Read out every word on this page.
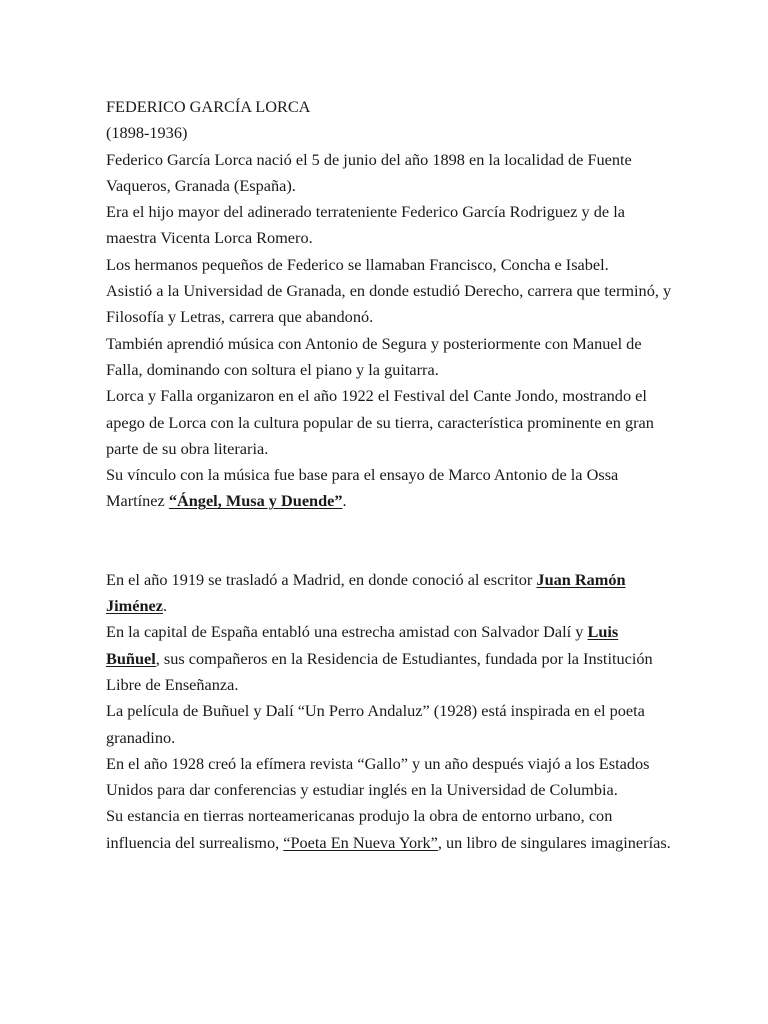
FEDERICO GARCÍA LORCA

(1898-1936)

Federico García Lorca nació el 5 de junio del año 1898 en la localidad de Fuente Vaqueros, Granada (España).

Era el hijo mayor del adinerado terrateniente Federico García Rodriguez y de la maestra Vicenta Lorca Romero.

Los hermanos pequeños de Federico se llamaban Francisco, Concha e Isabel.

Asistió a la Universidad de Granada, en donde estudió Derecho, carrera que terminó, y Filosofía y Letras, carrera que abandonó.

También aprendió música con Antonio de Segura y posteriormente con Manuel de Falla, dominando con soltura el piano y la guitarra.

Lorca y Falla organizaron en el año 1922 el Festival del Cante Jondo, mostrando el apego de Lorca con la cultura popular de su tierra, característica prominente en gran parte de su obra literaria.

Su vínculo con la música fue base para el ensayo de Marco Antonio de la Ossa Martínez “Ángel, Musa y Duende”.

En el año 1919 se trasladó a Madrid, en donde conoció al escritor Juan Ramón Jiménez.

En la capital de España entabló una estrecha amistad con Salvador Dalí y Luis Buñuel, sus compañeros en la Residencia de Estudiantes, fundada por la Institución Libre de Enseñanza.

La película de Buñuel y Dalí “Un Perro Andaluz” (1928) está inspirada en el poeta granadino.

En el año 1928 creó la efímera revista “Gallo” y un año después viajó a los Estados Unidos para dar conferencias y estudiar inglés en la Universidad de Columbia.

Su estancia en tierras norteamericanas produjo la obra de entorno urbano, con influencia del surrealismo, “Poeta En Nueva York”, un libro de singulares imaginerías.
